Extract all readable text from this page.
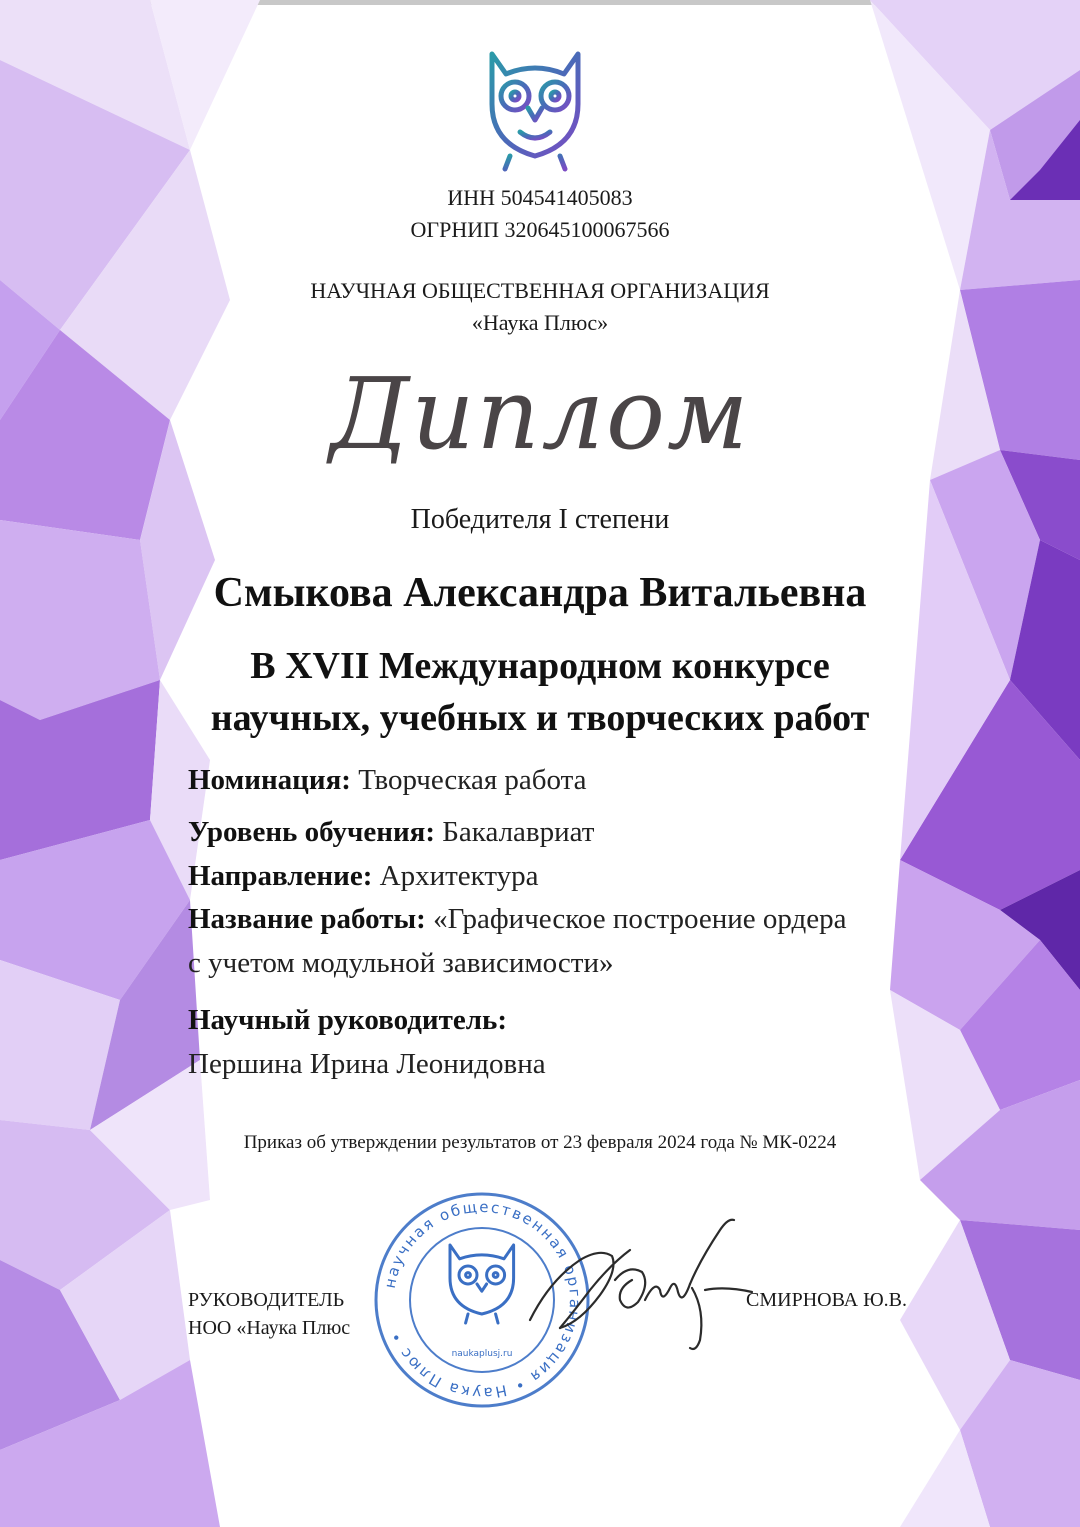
ИНН 504541405083
ОГРНИП 320645100067566
НАУЧНАЯ ОБЩЕСТВЕННАЯ ОРГАНИЗАЦИЯ
«Наука Плюс»
Диплом
Победителя I степени
Смыкова Александра Витальевна
В XVII Международном конкурсе
научных, учебных и творческих работ
Номинация: Творческая работа
Уровень обучения: Бакалавриат
Направление: Архитектура
Название работы: «Графическое построение ордера
с учетом модульной зависимости»
Научный руководитель:
Першина Ирина Леонидовна
Приказ об утверждении результатов от 23 февраля 2024 года № МК-0224
РУКОВОДИТЕЛЬ
НОО «Наука Плюс
научная общественная организация • Наука Плюс •
naukaplusj.ru
СМИРНОВА Ю.В.
